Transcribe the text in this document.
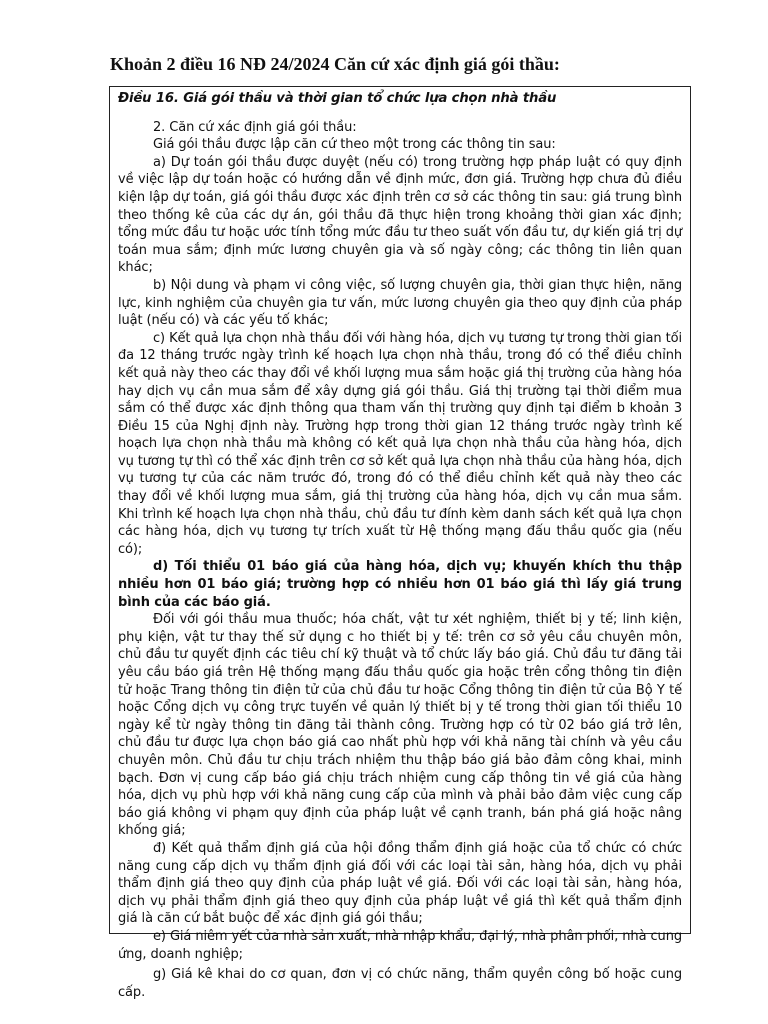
Khoản 2 điều 16 NĐ 24/2024 Căn cứ xác định giá gói thầu:

Điều 16. Giá gói thầu và thời gian tổ chức lựa chọn nhà thầu

2. Căn cứ xác định giá gói thầu:

Giá gói thầu được lập căn cứ theo một trong các thông tin sau:

a) Dự toán gói thầu được duyệt (nếu có) trong trường hợp pháp luật có quy định về việc lập dự toán hoặc có hướng dẫn về định mức, đơn giá. Trường hợp chưa đủ điều kiện lập dự toán, giá gói thầu được xác định trên cơ sở các thông tin sau: giá trung bình theo thống kê của các dự án, gói thầu đã thực hiện trong khoảng thời gian xác định; tổng mức đầu tư hoặc ước tính tổng mức đầu tư theo suất vốn đầu tư, dự kiến giá trị dự toán mua sắm; định mức lương chuyên gia và số ngày công; các thông tin liên quan khác;

b) Nội dung và phạm vi công việc, số lượng chuyên gia, thời gian thực hiện, năng lực, kinh nghiệm của chuyên gia tư vấn, mức lương chuyên gia theo quy định của pháp luật (nếu có) và các yếu tố khác;

c) Kết quả lựa chọn nhà thầu đối với hàng hóa, dịch vụ tương tự trong thời gian tối đa 12 tháng trước ngày trình kế hoạch lựa chọn nhà thầu, trong đó có thể điều chỉnh kết quả này theo các thay đổi về khối lượng mua sắm hoặc giá thị trường của hàng hóa hay dịch vụ cần mua sắm để xây dựng giá gói thầu. Giá thị trường tại thời điểm mua sắm có thể được xác định thông qua tham vấn thị trường quy định tại điểm b khoản 3 Điều 15 của Nghị định này. Trường hợp trong thời gian 12 tháng trước ngày trình kế hoạch lựa chọn nhà thầu mà không có kết quả lựa chọn nhà thầu của hàng hóa, dịch vụ tương tự thì có thể xác định trên cơ sở kết quả lựa chọn nhà thầu của hàng hóa, dịch vụ tương tự của các năm trước đó, trong đó có thể điều chỉnh kết quả này theo các thay đổi về khối lượng mua sắm, giá thị trường của hàng hóa, dịch vụ cần mua sắm. Khi trình kế hoạch lựa chọn nhà thầu, chủ đầu tư đính kèm danh sách kết quả lựa chọn các hàng hóa, dịch vụ tương tự trích xuất từ Hệ thống mạng đấu thầu quốc gia (nếu có);

d) Tối thiểu 01 báo giá của hàng hóa, dịch vụ; khuyến khích thu thập nhiều hơn 01 báo giá; trường hợp có nhiều hơn 01 báo giá thì lấy giá trung bình của các báo giá.

Đối với gói thầu mua thuốc; hóa chất, vật tư xét nghiệm, thiết bị y tế; linh kiện, phụ kiện, vật tư thay thế sử dụng c ho thiết bị y tế: trên cơ sở yêu cầu chuyên môn, chủ đầu tư quyết định các tiêu chí kỹ thuật và tổ chức lấy báo giá. Chủ đầu tư đăng tải yêu cầu báo giá trên Hệ thống mạng đấu thầu quốc gia hoặc trên cổng thông tin điện tử hoặc Trang thông tin điện tử của chủ đầu tư hoặc Cổng thông tin điện tử của Bộ Y tế hoặc Cổng dịch vụ công trực tuyến về quản lý thiết bị y tế trong thời gian tối thiểu 10 ngày kể từ ngày thông tin đăng tải thành công. Trường hợp có từ 02 báo giá trở lên, chủ đầu tư được lựa chọn báo giá cao nhất phù hợp với khả năng tài chính và yêu cầu chuyên môn. Chủ đầu tư chịu trách nhiệm thu thập báo giá bảo đảm công khai, minh bạch. Đơn vị cung cấp báo giá chịu trách nhiệm cung cấp thông tin về giá của hàng hóa, dịch vụ phù hợp với khả năng cung cấp của mình và phải bảo đảm việc cung cấp báo giá không vi phạm quy định của pháp luật về cạnh tranh, bán phá giá hoặc nâng khống giá;

đ) Kết quả thẩm định giá của hội đồng thẩm định giá hoặc của tổ chức có chức năng cung cấp dịch vụ thẩm định giá đối với các loại tài sản, hàng hóa, dịch vụ phải thẩm định giá theo quy định của pháp luật về giá. Đối với các loại tài sản, hàng hóa, dịch vụ phải thẩm định giá theo quy định của pháp luật về giá thì kết quả thẩm định giá là căn cứ bắt buộc để xác định giá gói thầu;

e) Giá niêm yết của nhà sản xuất, nhà nhập khẩu, đại lý, nhà phân phối, nhà cung ứng, doanh nghiệp;

g) Giá kê khai do cơ quan, đơn vị có chức năng, thẩm quyền công bố hoặc cung cấp.
